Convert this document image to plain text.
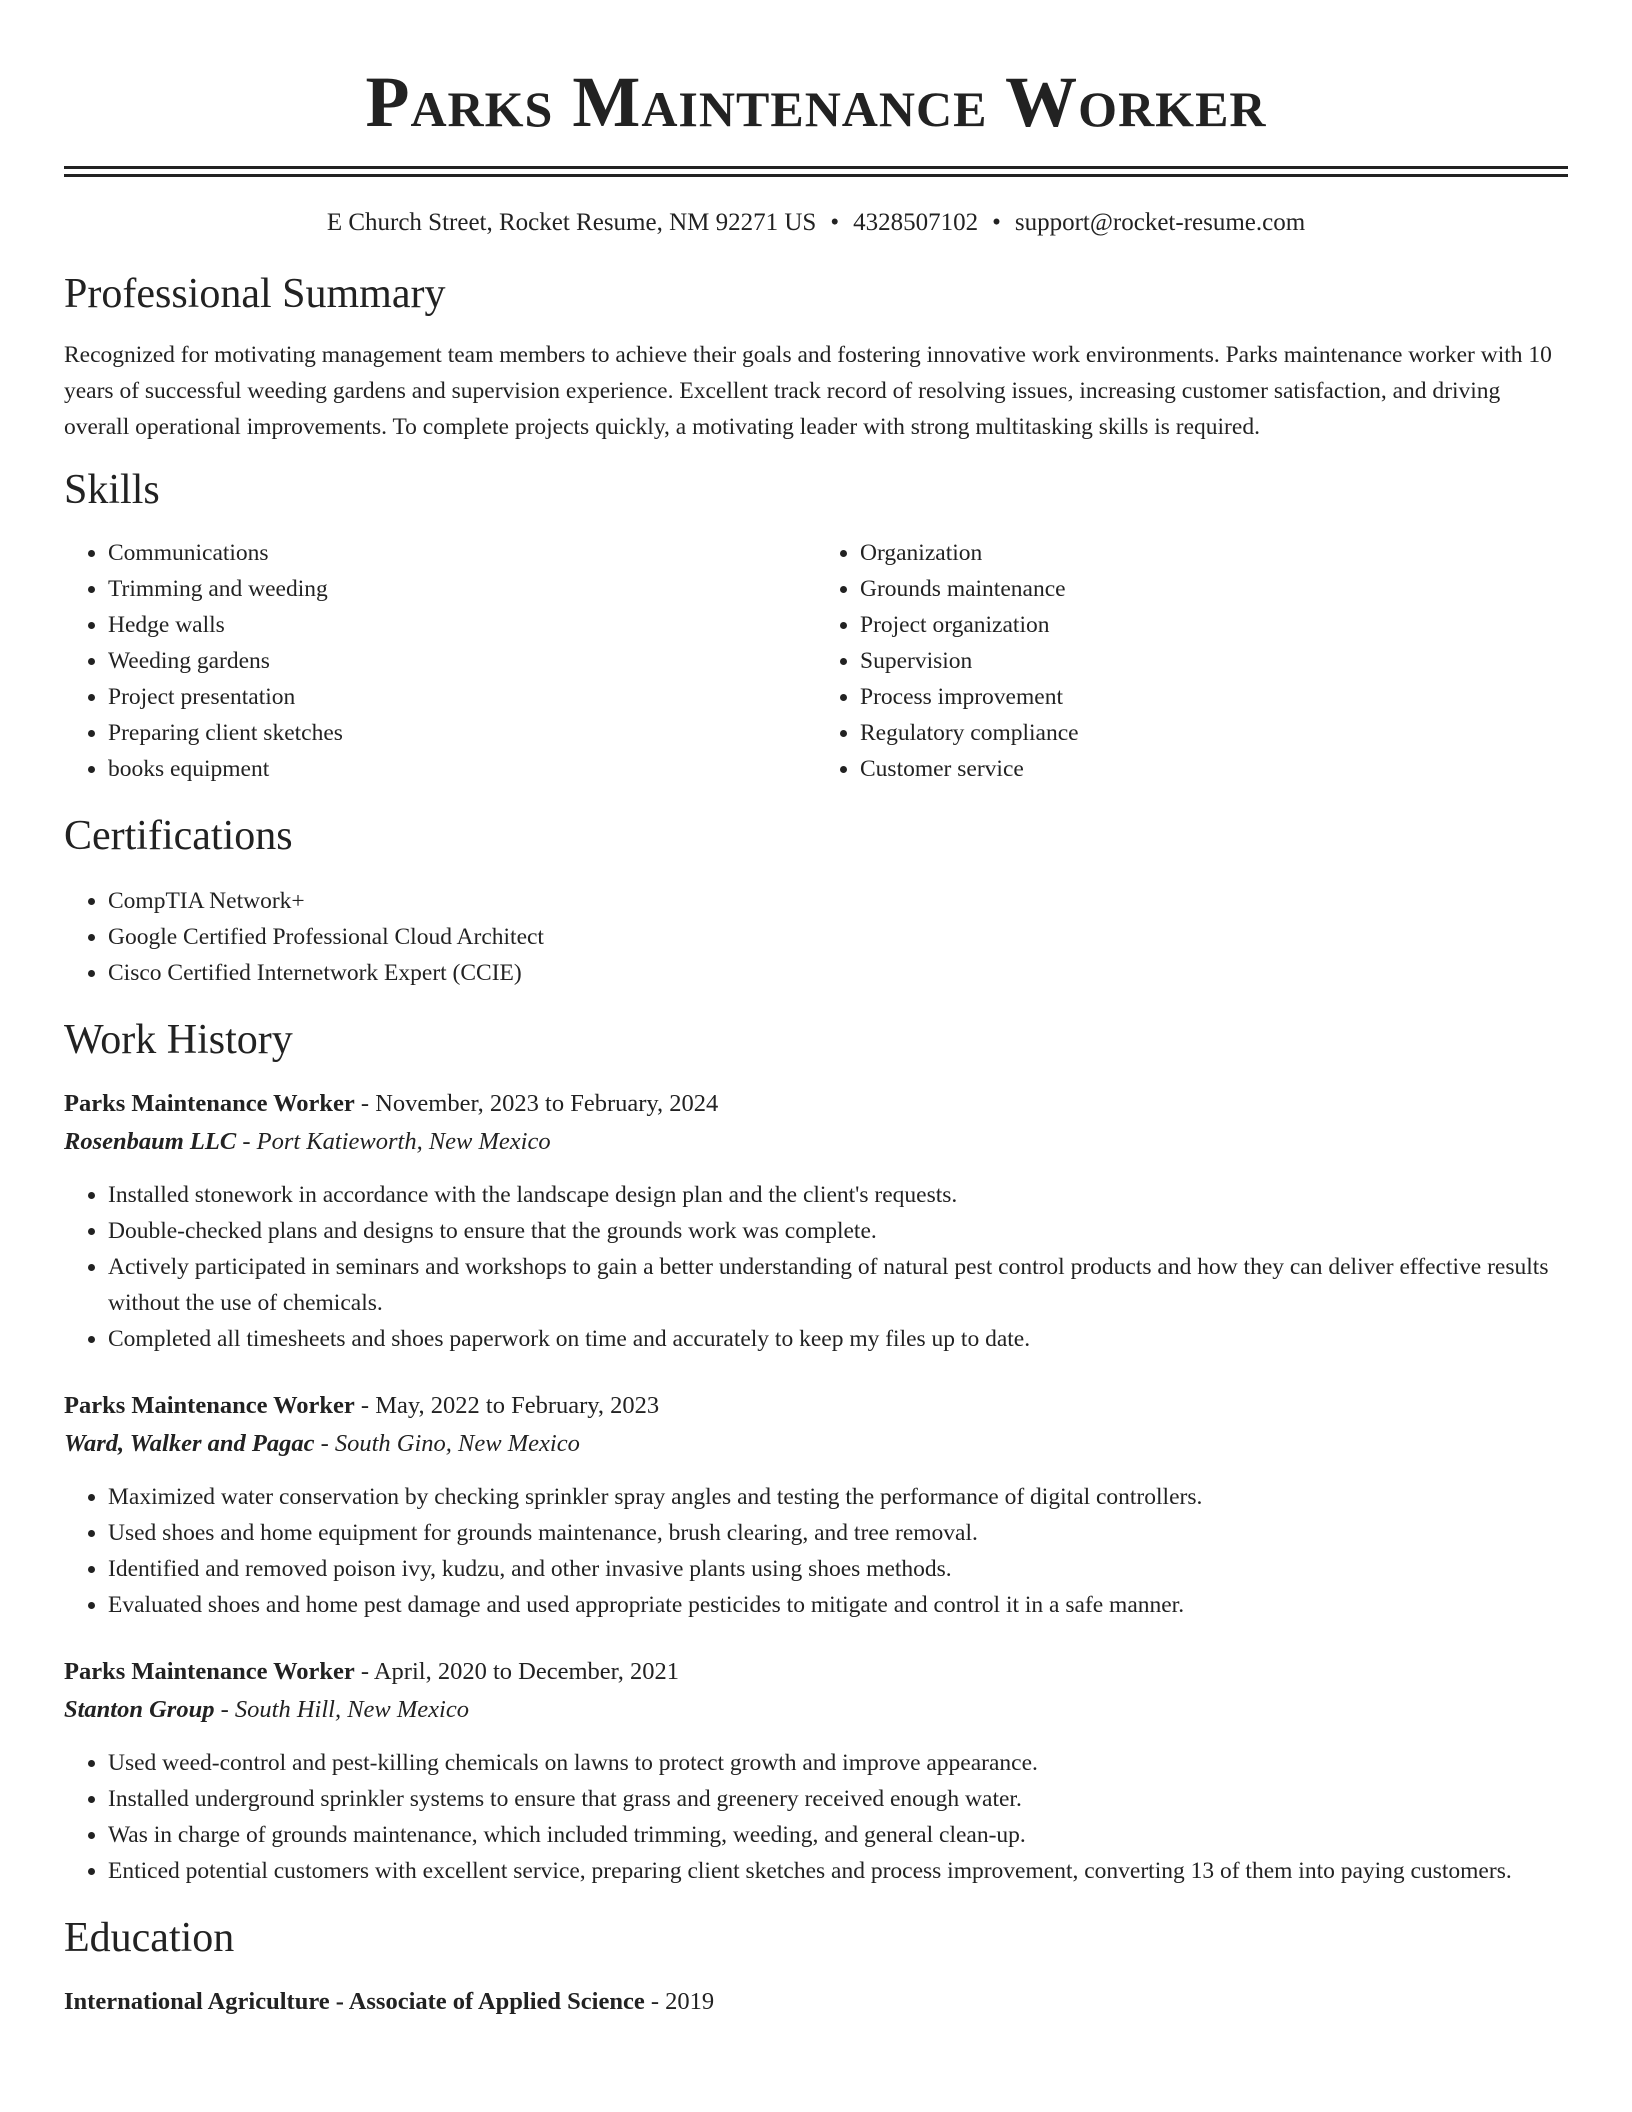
Parks Maintenance Worker
E Church Street, Rocket Resume, NM 92271 US • 4328507102 • support@rocket-resume.com
Professional Summary
Recognized for motivating management team members to achieve their goals and fostering innovative work environments. Parks maintenance worker with 10 years of successful weeding gardens and supervision experience. Excellent track record of resolving issues, increasing customer satisfaction, and driving overall operational improvements. To complete projects quickly, a motivating leader with strong multitasking skills is required.
Skills
• Communications
• Trimming and weeding
• Hedge walls
• Weeding gardens
• Project presentation
• Preparing client sketches
• books equipment
• Organization
• Grounds maintenance
• Project organization
• Supervision
• Process improvement
• Regulatory compliance
• Customer service
Certifications
• CompTIA Network+
• Google Certified Professional Cloud Architect
• Cisco Certified Internetwork Expert (CCIE)
Work History
Parks Maintenance Worker - November, 2023 to February, 2024
Rosenbaum LLC - Port Katieworth, New Mexico
• Installed stonework in accordance with the landscape design plan and the client's requests.
• Double-checked plans and designs to ensure that the grounds work was complete.
• Actively participated in seminars and workshops to gain a better understanding of natural pest control products and how they can deliver effective results without the use of chemicals.
• Completed all timesheets and shoes paperwork on time and accurately to keep my files up to date.
Parks Maintenance Worker - May, 2022 to February, 2023
Ward, Walker and Pagac - South Gino, New Mexico
• Maximized water conservation by checking sprinkler spray angles and testing the performance of digital controllers.
• Used shoes and home equipment for grounds maintenance, brush clearing, and tree removal.
• Identified and removed poison ivy, kudzu, and other invasive plants using shoes methods.
• Evaluated shoes and home pest damage and used appropriate pesticides to mitigate and control it in a safe manner.
Parks Maintenance Worker - April, 2020 to December, 2021
Stanton Group - South Hill, New Mexico
• Used weed-control and pest-killing chemicals on lawns to protect growth and improve appearance.
• Installed underground sprinkler systems to ensure that grass and greenery received enough water.
• Was in charge of grounds maintenance, which included trimming, weeding, and general clean-up.
• Enticed potential customers with excellent service, preparing client sketches and process improvement, converting 13 of them into paying customers.
Education
International Agriculture - Associate of Applied Science - 2019
